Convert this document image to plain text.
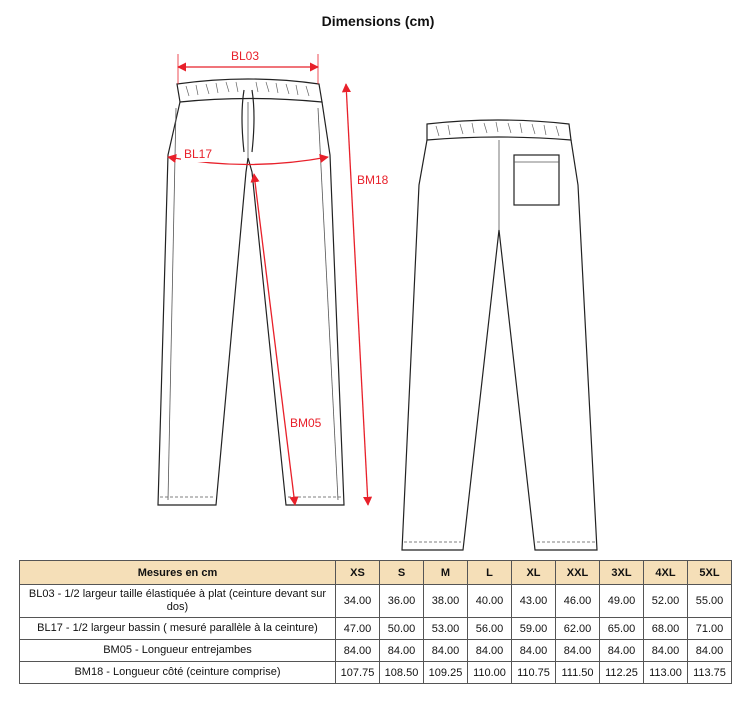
Dimensions (cm)
BL03
BL17
BM18
BM05
Mesures en cm	XS	S	M	L	XL	XXL	3XL	4XL	5XL
BL03 - 1/2 largeur taille élastiquée à plat (ceinture devant sur dos)	34.00	36.00	38.00	40.00	43.00	46.00	49.00	52.00	55.00
BL17 - 1/2 largeur bassin ( mesuré parallèle à la ceinture)	47.00	50.00	53.00	56.00	59.00	62.00	65.00	68.00	71.00
BM05 - Longueur entrejambes	84.00	84.00	84.00	84.00	84.00	84.00	84.00	84.00	84.00
BM18 - Longueur côté (ceinture comprise)	107.75	108.50	109.25	110.00	110.75	111.50	112.25	113.00	113.75
